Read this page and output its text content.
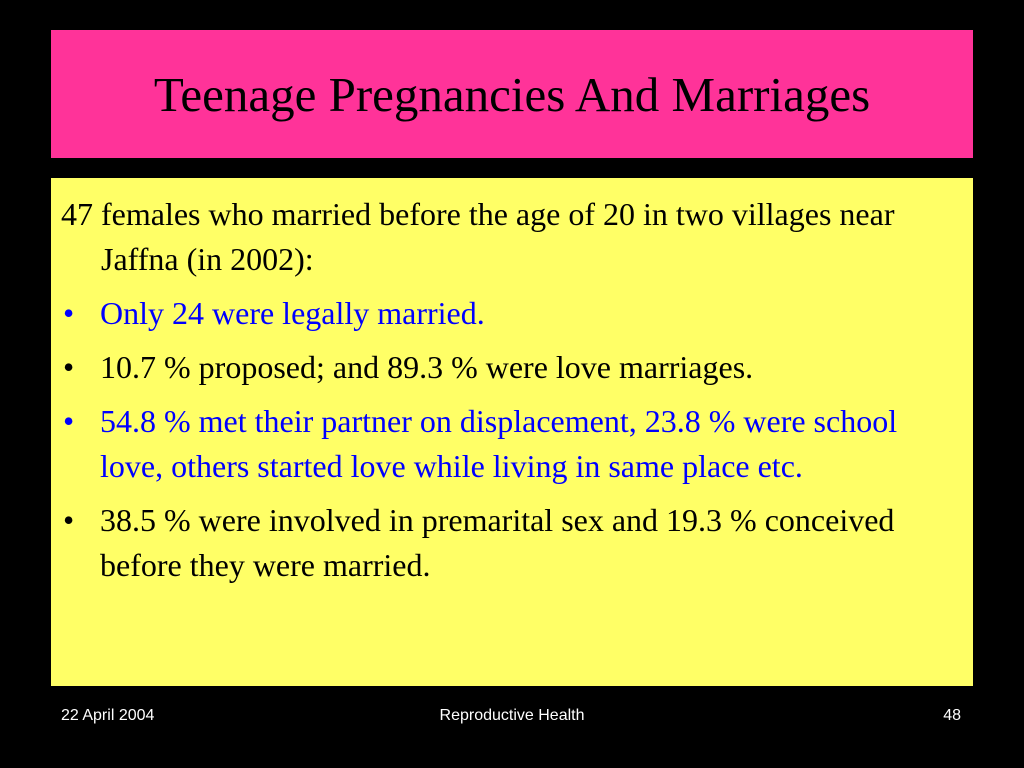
Teenage Pregnancies And Marriages
47 females who married before the age of 20 in two villages near Jaffna (in 2002):
• Only 24 were legally married.
• 10.7 % proposed; and 89.3 % were love marriages.
• 54.8 % met their partner on displacement, 23.8 % were school love, others started love while living in same place etc.
• 38.5 % were involved in premarital sex and 19.3 % conceived before they were married.
22 April 2004	Reproductive Health	48
